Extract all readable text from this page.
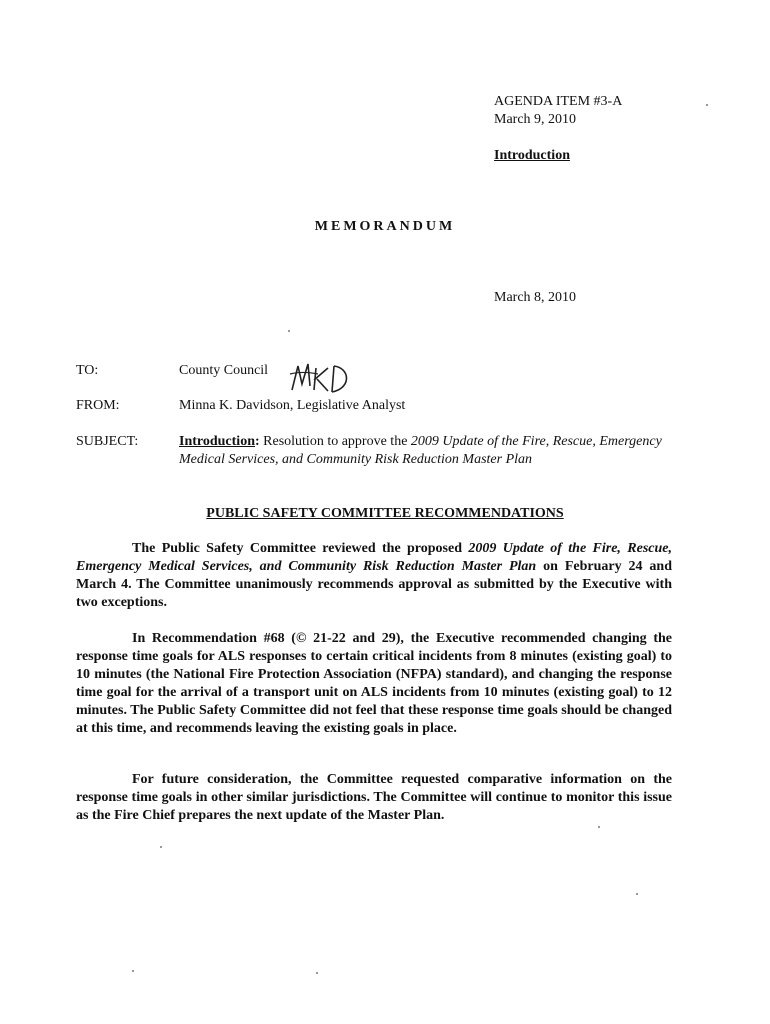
AGENDA ITEM #3-A
March 9, 2010
Introduction
MEMORANDUM
March 8, 2010
TO:	County Council
FROM:	Minna K. Davidson, Legislative Analyst
SUBJECT:	Introduction: Resolution to approve the 2009 Update of the Fire, Rescue, Emergency Medical Services, and Community Risk Reduction Master Plan
PUBLIC SAFETY COMMITTEE RECOMMENDATIONS
The Public Safety Committee reviewed the proposed 2009 Update of the Fire, Rescue, Emergency Medical Services, and Community Risk Reduction Master Plan on February 24 and March 4. The Committee unanimously recommends approval as submitted by the Executive with two exceptions.
In Recommendation #68 (© 21-22 and 29), the Executive recommended changing the response time goals for ALS responses to certain critical incidents from 8 minutes (existing goal) to 10 minutes (the National Fire Protection Association (NFPA) standard), and changing the response time goal for the arrival of a transport unit on ALS incidents from 10 minutes (existing goal) to 12 minutes. The Public Safety Committee did not feel that these response time goals should be changed at this time, and recommends leaving the existing goals in place.
For future consideration, the Committee requested comparative information on the response time goals in other similar jurisdictions. The Committee will continue to monitor this issue as the Fire Chief prepares the next update of the Master Plan.
